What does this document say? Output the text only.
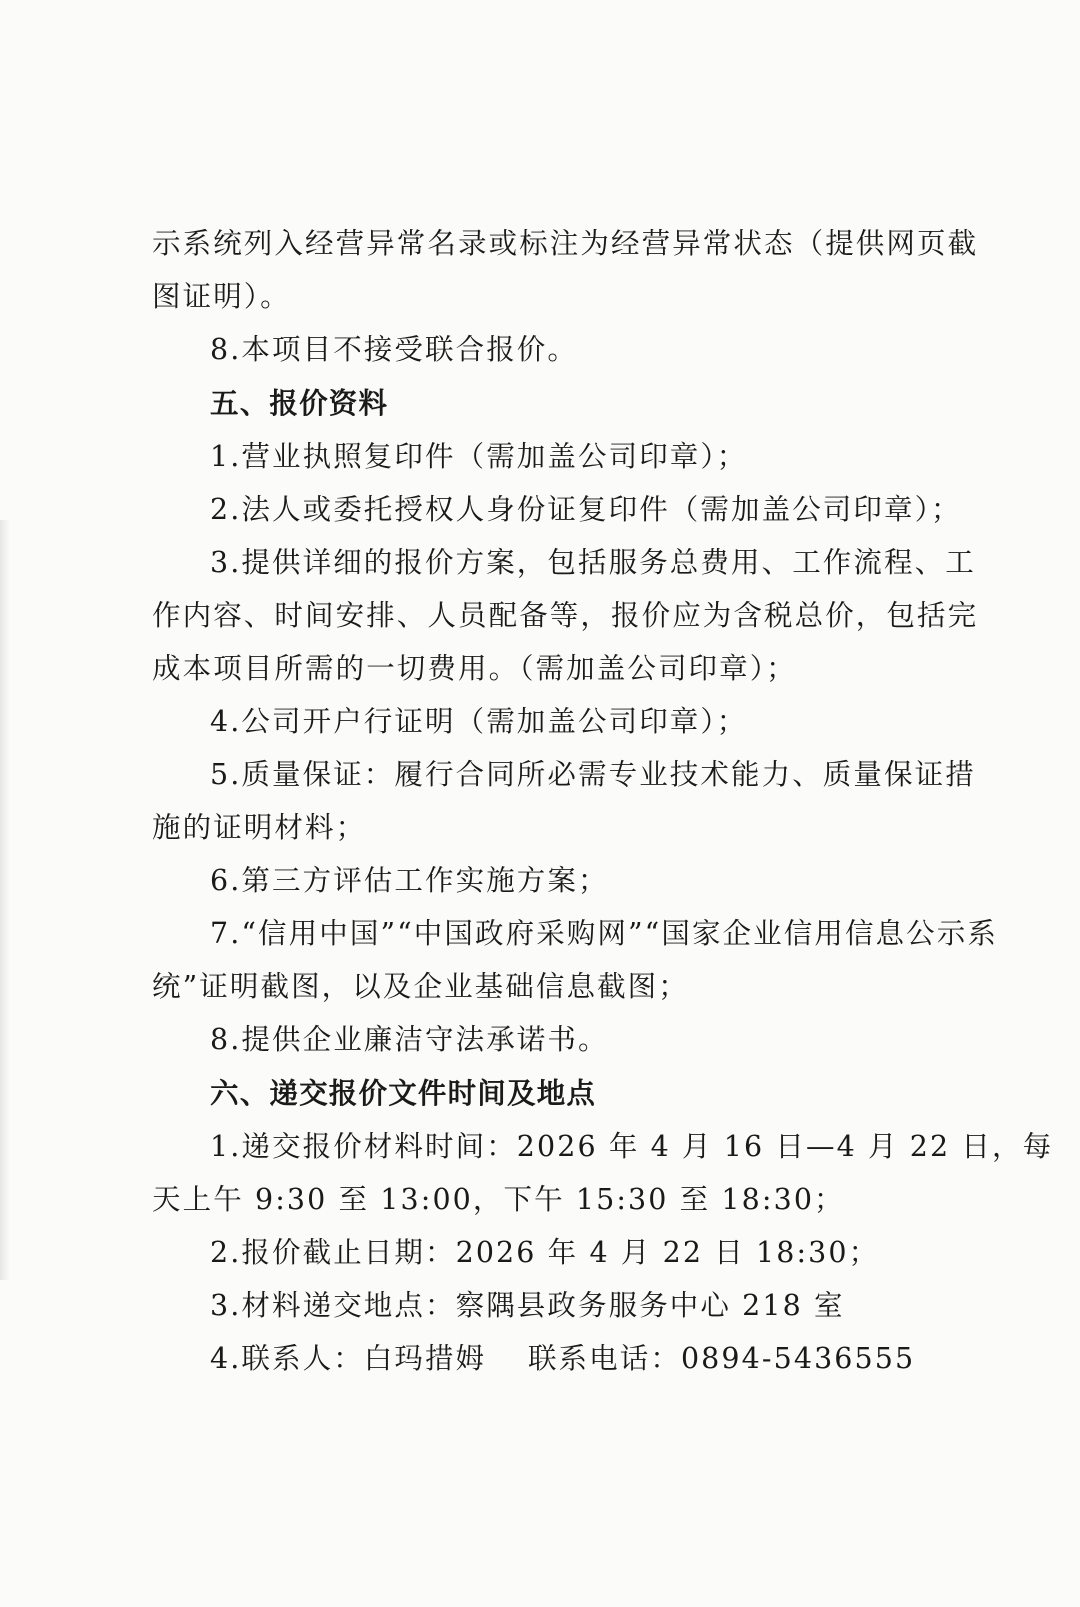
示系统列入经营异常名录或标注为经营异常状态（提供网页截
图证明）。
8.本项目不接受联合报价。
五、报价资料
1.营业执照复印件（需加盖公司印章）；
2.法人或委托授权人身份证复印件（需加盖公司印章）；
3.提供详细的报价方案，包括服务总费用、工作流程、工
作内容、时间安排、人员配备等，报价应为含税总价，包括完
成本项目所需的一切费用。（需加盖公司印章）；
4.公司开户行证明（需加盖公司印章）；
5.质量保证：履行合同所必需专业技术能力、质量保证措
施的证明材料；
6.第三方评估工作实施方案；
7.“信用中国”“中国政府采购网”“国家企业信用信息公示系
统”证明截图，以及企业基础信息截图；
8.提供企业廉洁守法承诺书。
六、递交报价文件时间及地点
1.递交报价材料时间：2026 年 4 月 16 日—4 月 22 日，每
天上午 9:30 至 13:00，下午 15:30 至 18:30；
2.报价截止日期：2026 年 4 月 22 日 18:30；
3.材料递交地点：察隅县政务服务中心 218 室
4.联系人：白玛措姆　 联系电话：0894-5436555
